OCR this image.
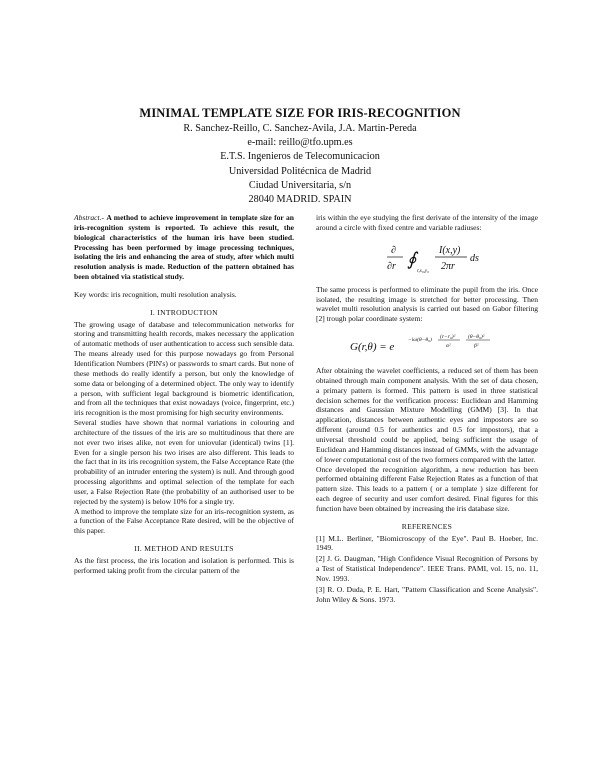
MINIMAL TEMPLATE SIZE FOR IRIS-RECOGNITION
R. Sanchez-Reillo, C. Sanchez-Avila, J.A. Martin-Pereda
e-mail: reillo@tfo.upm.es
E.T.S. Ingenieros de Telecomunicacion
Universidad Politécnica de Madrid
Ciudad Universitaria, s/n
28040 MADRID. SPAIN

Abstract.- A method to achieve improvement in template size for an iris-recognition system is reported. To achieve this result, the biological characteristics of the human iris have been studied. Processing has been performed by image processing techniques, isolating the iris and enhancing the area of study, after which multi resolution analysis is made. Reduction of the pattern obtained has been obtained via statistical study.

Key words: iris recognition, multi resolution analysis.

I. INTRODUCTION

The growing usage of database and telecommunication networks for storing and transmitting health records, makes necessary the application of automatic methods of user authentication to access such sensible data. The means already used for this purpose nowadays go from Personal Identification Numbers (PIN's) or passwords to smart cards. But none of these methods do really identify a person, but only the knowledge of some data or belonging of a determined object. The only way to identify a person, with sufficient legal background is biometric identification, and from all the techniques that exist nowadays (voice, fingerprint, etc.) iris recognition is the most promising for high security environments.

Several studies have shown that normal variations in colouring and architecture of the tissues of the iris are so multitudinous that there are not ever two irises alike, not even for uniovular (identical) twins [1]. Even for a single person his two irises are also different. This leads to the fact that in its iris recognition system, the False Acceptance Rate (the probability of an intruder entering the system) is null. And through good processing algorithms and optimal selection of the template for each user, a False Rejection Rate (the probability of an authorised user to be rejected by the system) is below 10% for a single try.

A method to improve the template size for an iris-recognition system, as a function of the False Acceptance Rate desired, will be the objective of this paper.

II. METHOD AND RESULTS

As the first process, the iris location and isolation is performed. This is performed taking profit from the circular pattern of the

iris within the eye studying the first derivate of the intensity of the image around a circle with fixed centre and variable radiuses:

∂
∂r ∮
r,x₀,y₀
I(x,y)
2πr
ds

The same process is performed to eliminate the pupil from the iris. Once isolated, the resulting image is stretched for better processing. Then wavelet multi resolution analysis is carried out based on Gabor filtering [2] trough polar coordinate system:

G(r,θ) = e
−iω(θ−θ₀) (r−r₀)²
α²
(θ−θ₀)²
β²

After obtaining the wavelet coefficients, a reduced set of them has been obtained through main component analysis. With the set of data chosen, a primary pattern is formed. This pattern is used in three statistical decision schemes for the verification process: Euclidean and Hamming distances and Gaussian Mixture Modelling (GMM) [3]. In that application, distances between authentic eyes and impostors are so different (around 0.5 for authentics and 0.5 for impostors), that a universal threshold could be applied, being sufficient the usage of Euclidean and Hamming distances instead of GMMs, with the advantage of lower computational cost of the two formers compared with the latter.

Once developed the recognition algorithm, a new reduction has been performed obtaining different False Rejection Rates as a function of that pattern size. This leads to a pattern ( or a template ) size different for each degree of security and user comfort desired. Final figures for this function have been obtained by increasing the iris database size.

REFERENCES

[1] M.L. Berliner, "Biomicroscopy of the Eye". Paul B. Hoeber, Inc. 1949.

[2] J. G. Daugman, "High Confidence Visual Recognition of Persons by a Test of Statistical Independence". IEEE Trans. PAMI, vol. 15, no. 11, Nov. 1993.

[3] R. O. Duda, P. E. Hart, "Pattern Classification and Scene Analysis". John Wiley & Sons. 1973.
